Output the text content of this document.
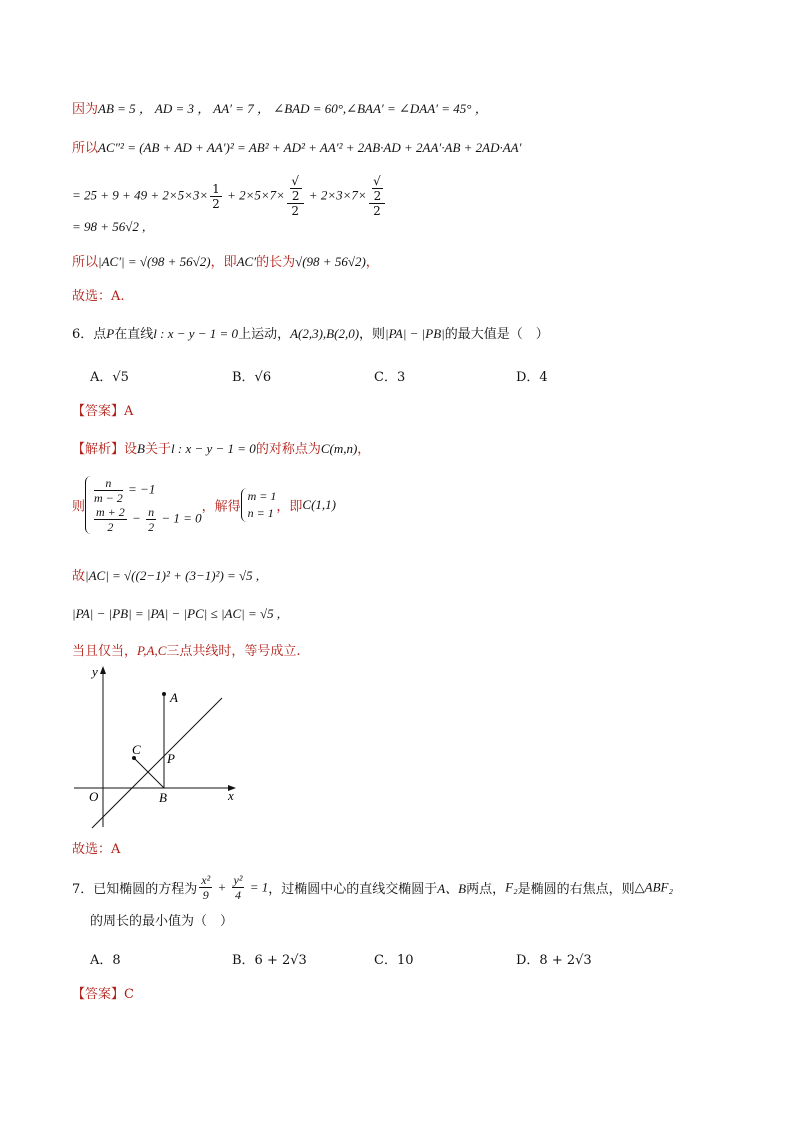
因为AB = 5 ， AD = 3 ， AA′ = 7 ， ∠BAD = 60°,∠BAA′ = ∠DAA′ = 45° ，
所以AC″² = (AB + AD + AA′)² = AB² + AD² + AA′² + 2AB·AD + 2AA′·AB + 2AD·AA′
= $25 + 9 + 49 + 2\times 5\times 3\times \frac{1}{2} + 2\times 5\times 7\times$ √
2
2 + 2×3×7× √
2
2
= 98 + 56√2 ,
所以|AC′| = √(98 + 56√2)，即AC′的长为√(98 + 56√2)，
故选：A.
6．点P在直线l : x − y − 1 = 0上运动，A(2,3),B(2,0)，则|PA| − |PB|的最大值是（　）
A．√5	B．√6	C．3	D．4
【答案】A
【解析】设B关于l : x − y − 1 = 0的对称点为C(m,n)，
则
$\frac{n}{m - 2} = -1$
$\frac{m + 2}{2} - \frac{n}{2} - 1 = 0$
，解得
m = 1
n = 1 ，即C(1,1)
故|AC| = √((2−1)² + (3−1)²) = √5 ,
|PA| − |PB| = |PA| − |PC| ≤ |AC| = √5 ,
当且仅当，P,A,C三点共线时，等号成立.
y
x
O
A
B
C
P
故选：A
7．已知椭圆的方程为 $\frac{\text{x²}}{9} + \frac{\text{y²}}{4} = 1$，过椭圆中心的直线交椭圆于A、B两点，F₂是椭圆的右焦点，则△ABF₂
的周长的最小值为（　）
A．8	B．6 + 2√3	C．10	D．8 + 2√3
【答案】C
